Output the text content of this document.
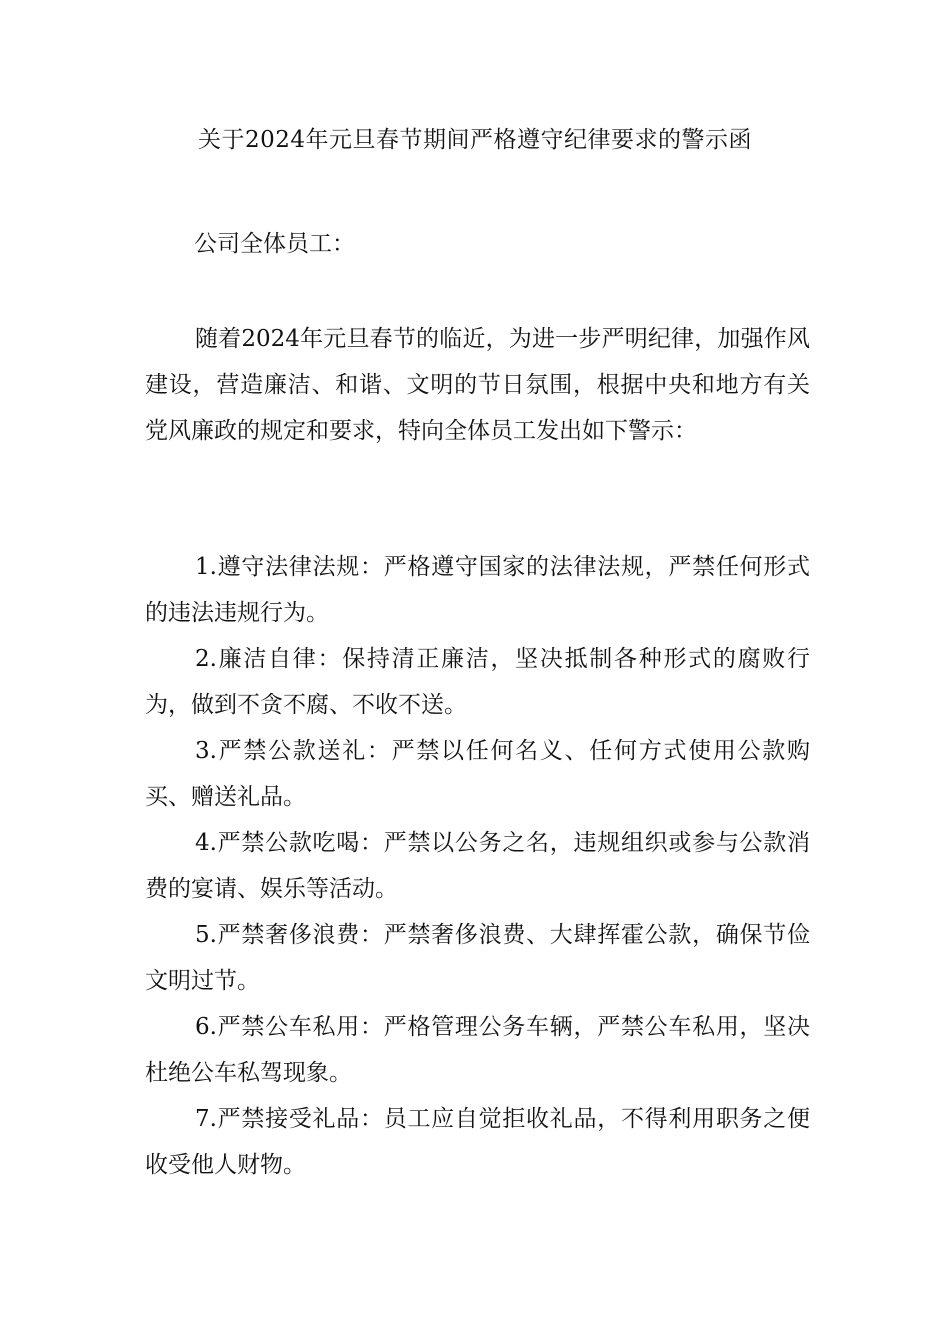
关于2024年元旦春节期间严格遵守纪律要求的警示函
公司全体员工：

随着2024年元旦春节的临近，为进一步严明纪律，加强作风建设，营造廉洁、和谐、文明的节日氛围，根据中央和地方有关党风廉政的规定和要求，特向全体员工发出如下警示：

1.遵守法律法规：严格遵守国家的法律法规，严禁任何形式的违法违规行为。

2.廉洁自律：保持清正廉洁，坚决抵制各种形式的腐败行为，做到不贪不腐、不收不送。

3.严禁公款送礼：严禁以任何名义、任何方式使用公款购买、赠送礼品。

4.严禁公款吃喝：严禁以公务之名，违规组织或参与公款消费的宴请、娱乐等活动。

5.严禁奢侈浪费：严禁奢侈浪费、大肆挥霍公款，确保节俭文明过节。

6.严禁公车私用：严格管理公务车辆，严禁公车私用，坚决杜绝公车私驾现象。

7.严禁接受礼品：员工应自觉拒收礼品，不得利用职务之便收受他人财物。
